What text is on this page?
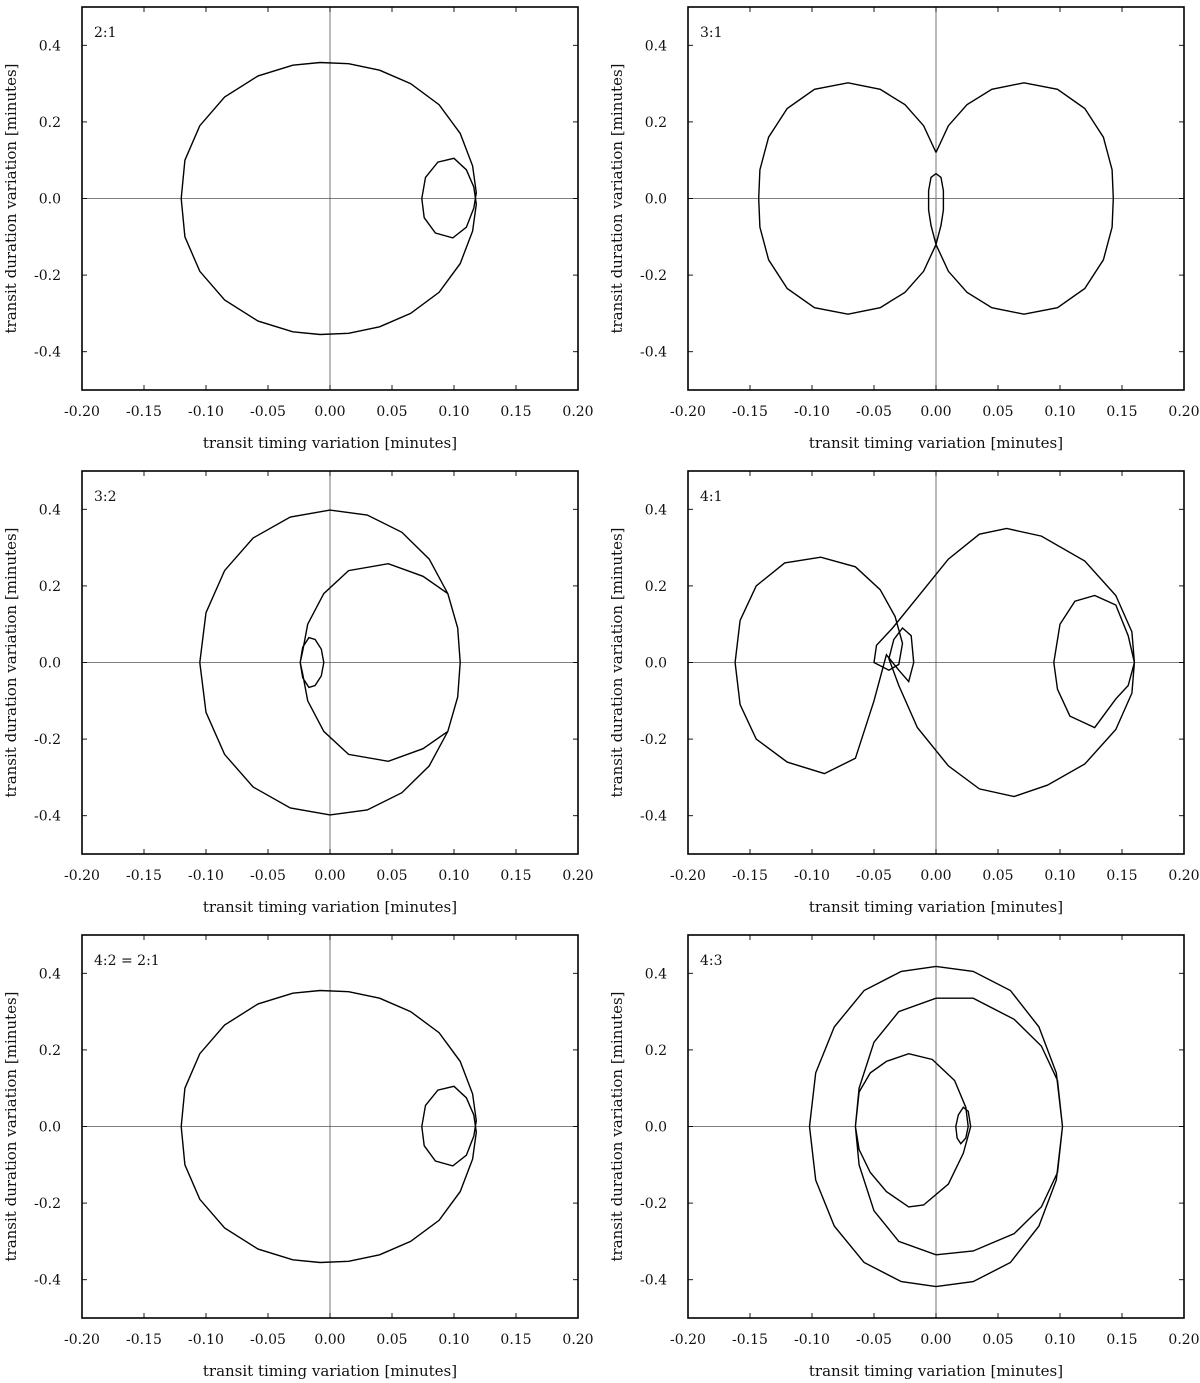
-0.20 -0.15 -0.10 -0.05 0.00 0.05 0.10 0.15 0.20
-0.4
-0.2
0.0
0.2
0.4
2:1
transit timing variation [minutes]
transit duration variation [minutes]
-0.20 -0.15 -0.10 -0.05 0.00 0.05 0.10 0.15 0.20
-0.4
-0.2
0.0
0.2
0.4
3:1
transit timing variation [minutes]
transit duration variation [minutes]
-0.20 -0.15 -0.10 -0.05 0.00 0.05 0.10 0.15 0.20
-0.4
-0.2
0.0
0.2
0.4
3:2
transit timing variation [minutes]
transit duration variation [minutes]
-0.20 -0.15 -0.10 -0.05 0.00 0.05 0.10 0.15 0.20
-0.4
-0.2
0.0
0.2
0.4
4:1
transit timing variation [minutes]
transit duration variation [minutes]
-0.20 -0.15 -0.10 -0.05 0.00 0.05 0.10 0.15 0.20
-0.4
-0.2
0.0
0.2
0.4
4:2 = 2:1
transit timing variation [minutes]
transit duration variation [minutes]
-0.20 -0.15 -0.10 -0.05 0.00 0.05 0.10 0.15 0.20
-0.4
-0.2
0.0
0.2
0.4
4:3
transit timing variation [minutes]
transit duration variation [minutes]
